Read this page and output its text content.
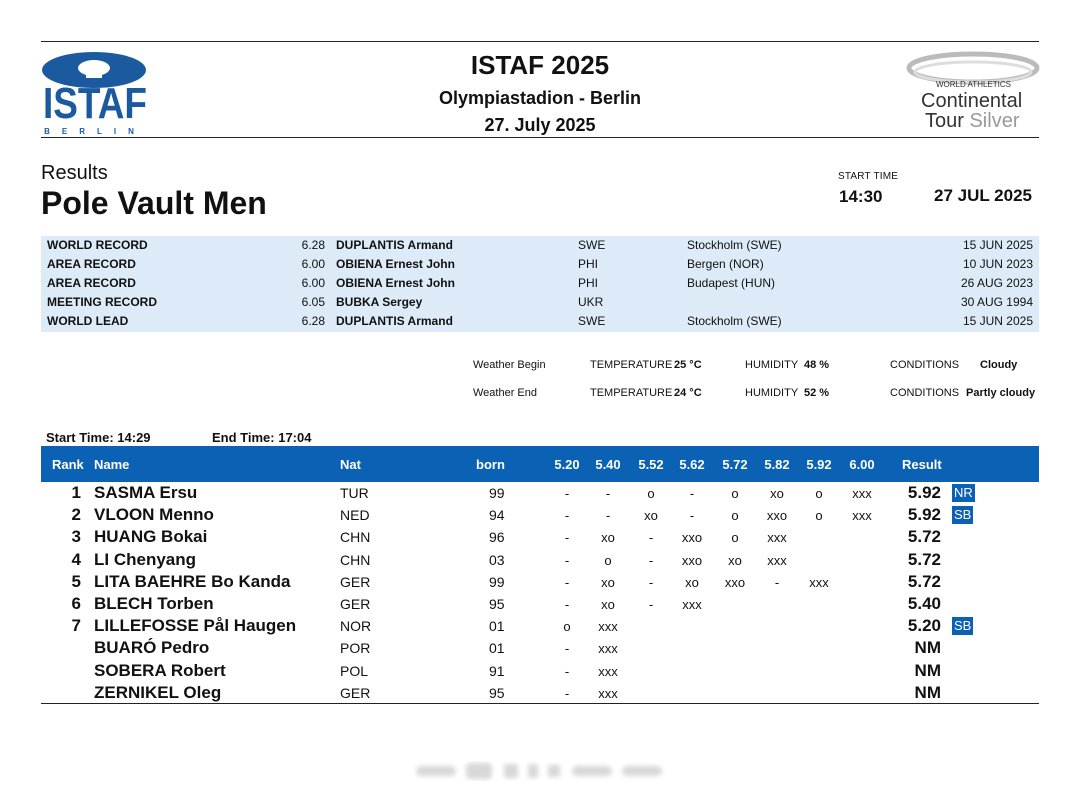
ISTAF
BERLIN
ISTAF 2025
Olympiastadion - Berlin
27. July 2025
WORLD ATHLETICS
Continental
Tour Silver
Results
Pole Vault Men
START TIME
14:30	27 JUL 2025
WORLD RECORD	6.28 DUPLANTIS Armand	SWE	Stockholm (SWE)	15 JUN 2025
AREA RECORD	6.00 OBIENA Ernest John	PHI	Bergen (NOR)	10 JUN 2023
AREA RECORD	6.00 OBIENA Ernest John	PHI	Budapest (HUN)	26 AUG 2023
MEETING RECORD	6.05 BUBKA Sergey	UKR	30 AUG 1994
WORLD LEAD	6.28 DUPLANTIS Armand	SWE	Stockholm (SWE)	15 JUN 2025
Weather Begin	TEMPERATURE 25 °C	HUMIDITY 48 %	CONDITIONS Cloudy
Weather End	TEMPERATURE 24 °C	HUMIDITY 52 %	CONDITIONS Partly cloudy
Start Time: 14:29	End Time: 17:04
Rank Name	Nat	born	Result
5.20 5.40 5.52 5.62 5.72 5.82 5.92 6.00
1 SASMA Ersu	TUR	99	-	-	o	-	o	xo	o	xxx	5.92 NR
2 VLOON Menno	NED	94	-	-	xo	-	o	xxo	o	xxx	5.92 SB
3 HUANG Bokai	CHN	96	-	xo	-	xxo	o	xxx	5.72
4 LI Chenyang	CHN	03	-	o	-	xxo	xo	xxx	5.72
5 LITA BAEHRE Bo Kanda	GER	99	-	xo	-	xo	xxo	-	xxx	5.72
6 BLECH Torben	GER	95	-	xo	-	xxx	5.40
7 LILLEFOSSE Pål Haugen	NOR	01	o	xxx	5.20 SB
BUARÓ Pedro	POR	01	-	xxx	NM
SOBERA Robert	POL	91	-	xxx	NM
ZERNIKEL Oleg	GER	95	-	xxx	NM
